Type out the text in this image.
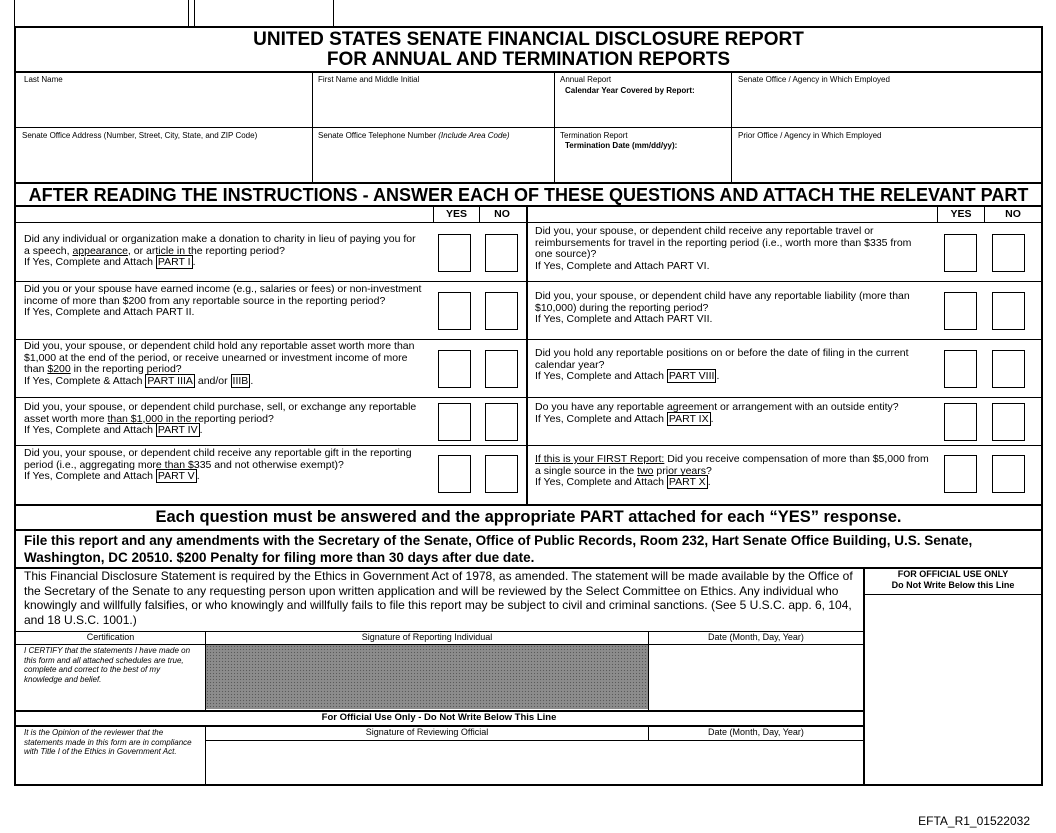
UNITED STATES SENATE FINANCIAL DISCLOSURE REPORT
FOR ANNUAL AND TERMINATION REPORTS
Last Name	First Name and Middle Initial	Annual Report
Calendar Year Covered by Report:
Senate Office / Agency in Which Employed
Senate Office Address (Number, Street, City, State, and ZIP Code)	Senate Office Telephone Number (Include Area Code)	Termination Report
Termination Date (mm/dd/yy):
Prior Office / Agency in Which Employed
AFTER READING THE INSTRUCTIONS - ANSWER EACH OF THESE QUESTIONS AND ATTACH THE RELEVANT PART
YES	NO	YES	NO
Did any individual or organization make a donation to charity in lieu of paying you for a speech, appearance, or article in the reporting period?
If Yes, Complete and Attach PART I .
Did you or your spouse have earned income (e.g., salaries or fees) or non-investment income of more than $200 from any reportable source in the reporting period?
If Yes, Complete and Attach PART II.
Did you, your spouse, or dependent child hold any reportable asset worth more than $1,000 at the end of the period, or receive unearned or investment income of more than $200 in the reporting period?
If Yes, Complete & Attach PART IIIA and/or IIIB .
Did you, your spouse, or dependent child purchase, sell, or exchange any reportable asset worth more than $1,000 in the reporting period?
If Yes, Complete and Attach PART IV .
Did you, your spouse, or dependent child receive any reportable gift in the reporting period (i.e., aggregating more than $335 and not otherwise exempt)?
If Yes, Complete and Attach PART V .
Did you, your spouse, or dependent child receive any reportable travel or reimbursements for travel in the reporting period (i.e., worth more than $335 from one source)?
If Yes, Complete and Attach PART VI.
Did you, your spouse, or dependent child have any reportable liability (more than $10,000) during the reporting period?
If Yes, Complete and Attach PART VII.
Did you hold any reportable positions on or before the date of filing in the current calendar year?
If Yes, Complete and Attach PART VIII .
Do you have any reportable agreement or arrangement with an outside entity?
If Yes, Complete and Attach PART IX .
If this is your FIRST Report: Did you receive compensation of more than $5,000 from a single source in the two prior years?
If Yes, Complete and Attach PART X .
Each question must be answered and the appropriate PART attached for each “YES” response.
File this report and any amendments with the Secretary of the Senate, Office of Public Records, Room 232, Hart Senate Office Building, U.S. Senate, Washington, DC 20510. $200 Penalty for filing more than 30 days after due date.
This Financial Disclosure Statement is required by the Ethics in Government Act of 1978, as amended. The statement will be made available by the Office of the Secretary of the Senate to any requesting person upon written application and will be reviewed by the Select Committee on Ethics. Any individual who knowingly and willfully falsifies, or who knowingly and willfully fails to file this report may be subject to civil and criminal sanctions. (See 5 U.S.C. app. 6, 104, and 18 U.S.C. 1001.)
FOR OFFICIAL USE ONLY
Do Not Write Below this Line
Certification	Signature of Reporting Individual	Date (Month, Day, Year)
I CERTIFY that the statements I have made on this form and all attached schedules are true, complete and correct to the best of my knowledge and belief.
For Official Use Only - Do Not Write Below This Line
Signature of Reviewing Official	Date (Month, Day, Year)
It is the Opinion of the reviewer that the statements made in this form are in compliance with Title I of the Ethics in Government Act.
EFTA_R1_01522032
